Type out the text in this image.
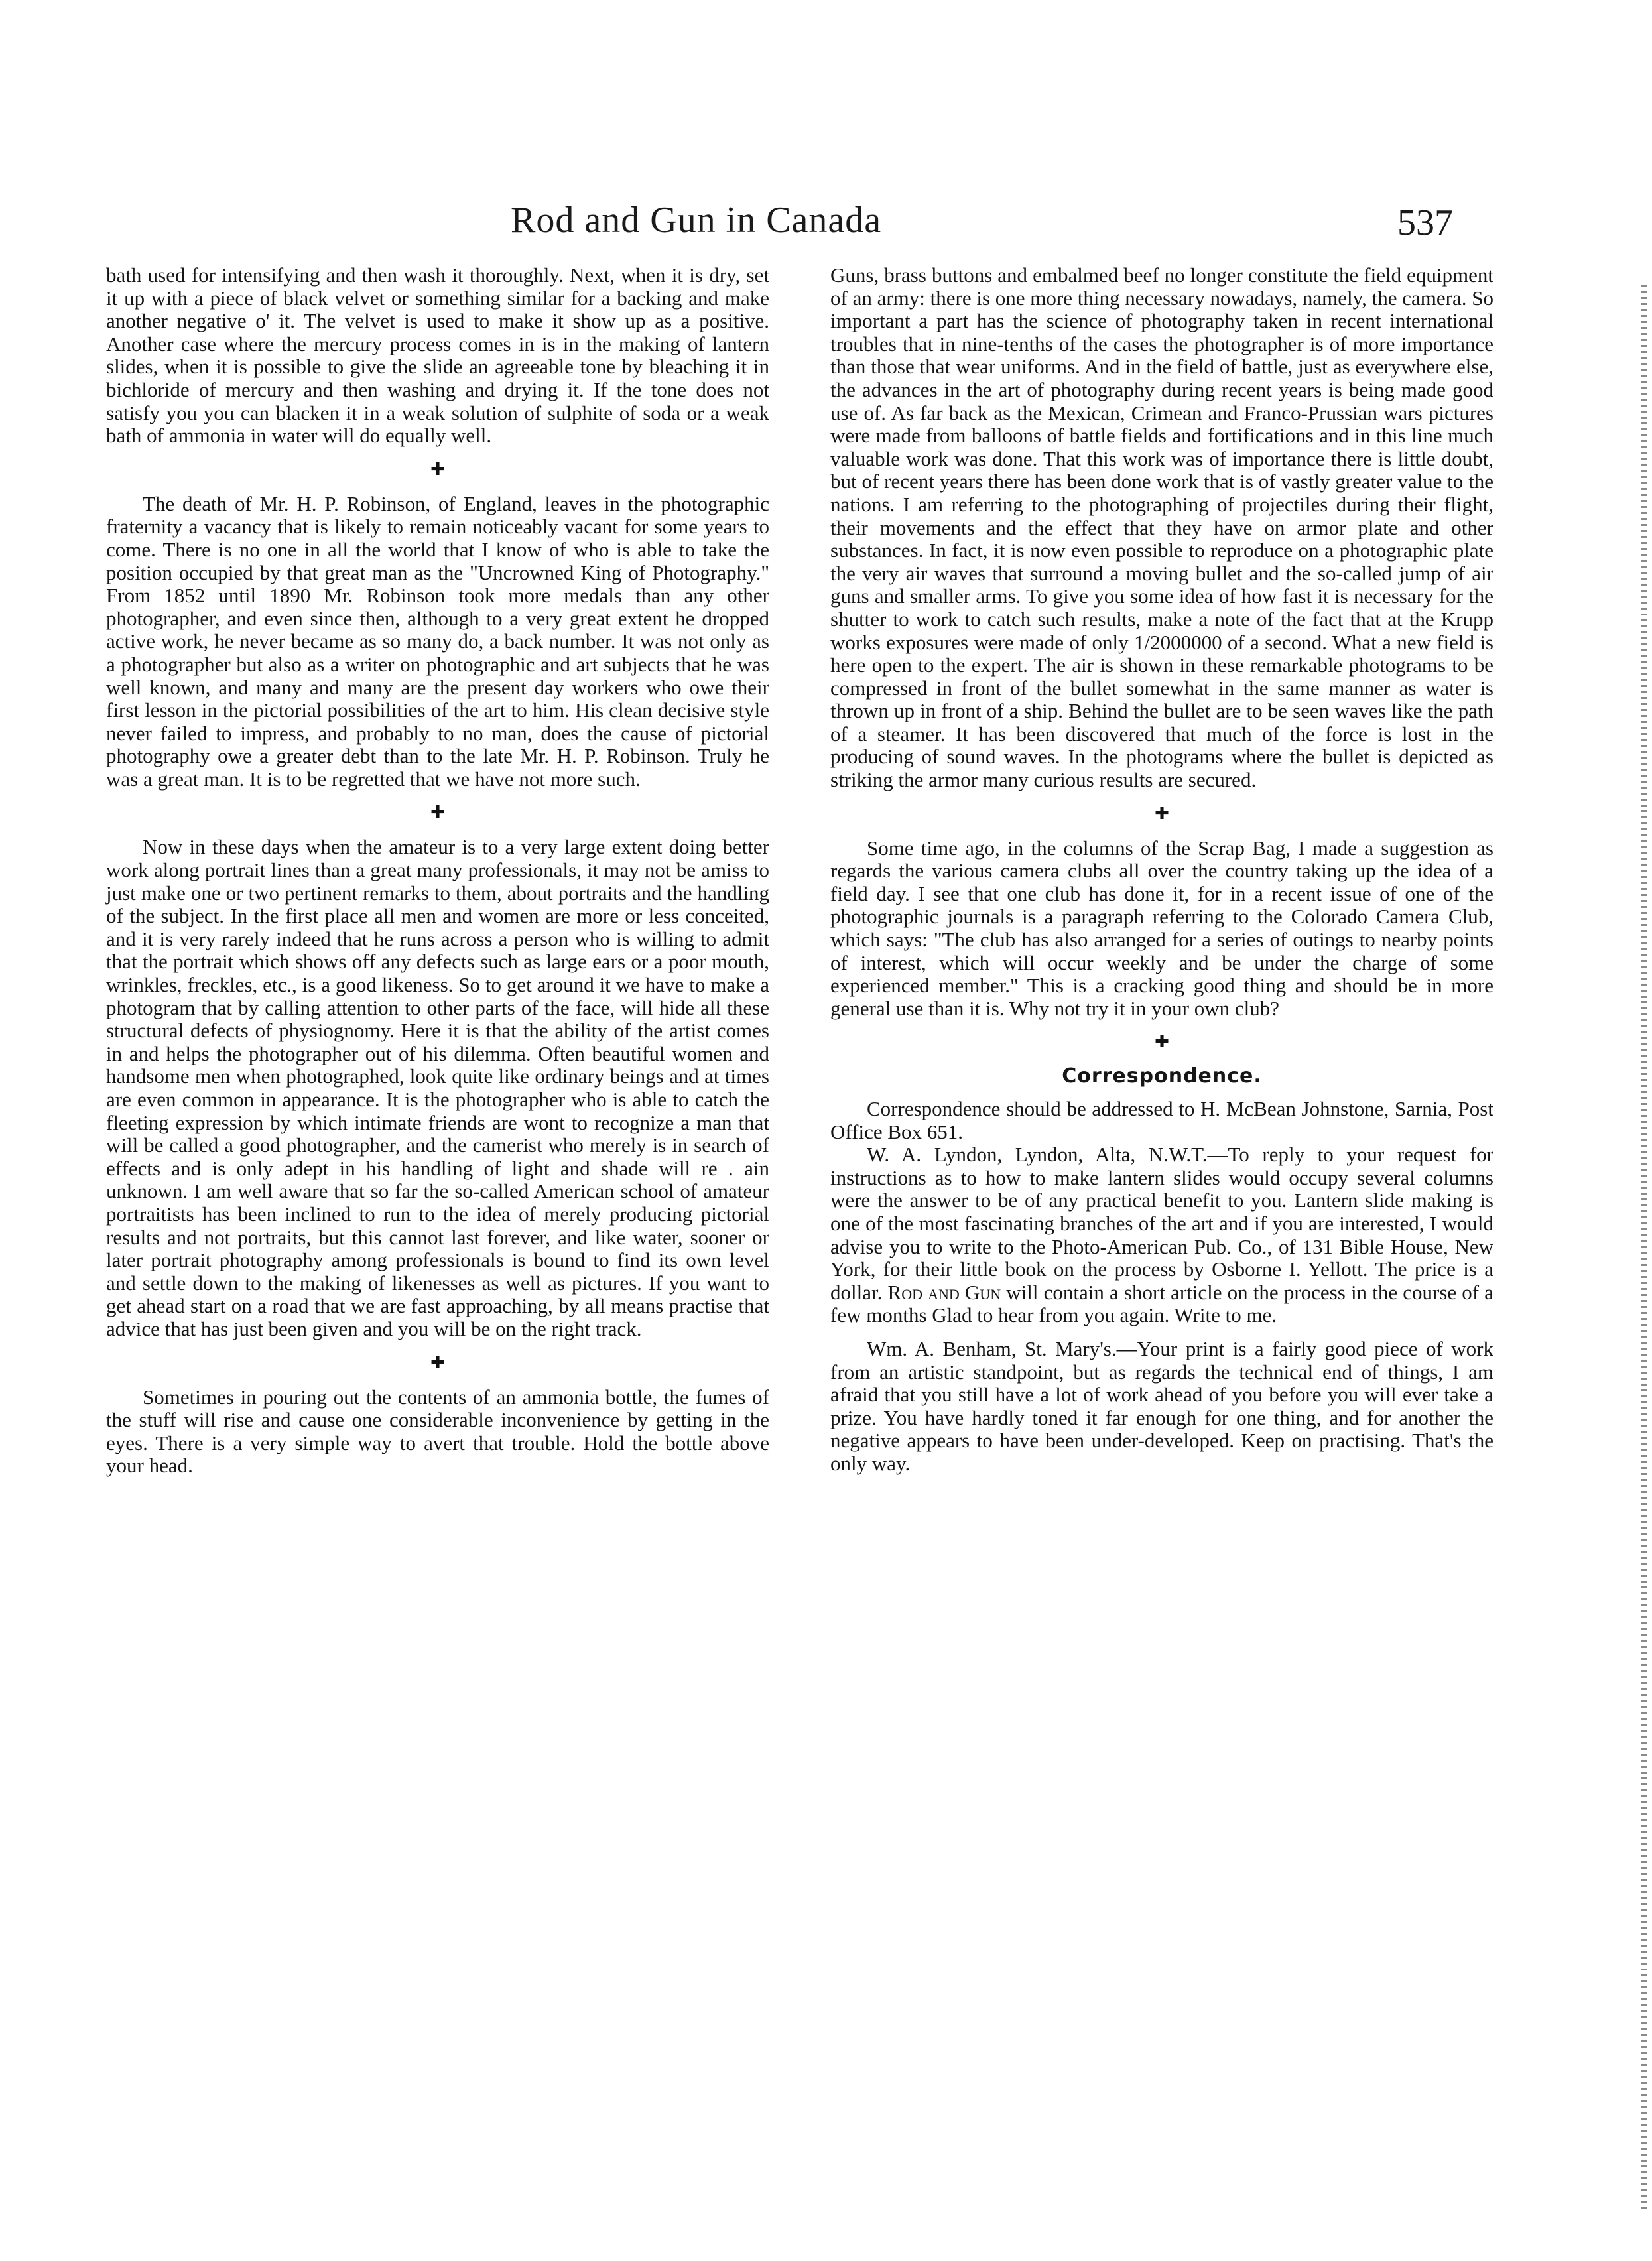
Rod and Gun in Canada	537

bath used for intensifying and then wash it thoroughly. Next, when it is dry, set it up with a piece of black velvet or something similar for a backing and make another negative o' it. The velvet is used to make it show up as a positive. Another case where the mercury process comes in is in the making of lantern slides, when it is possible to give the slide an agreeable tone by bleaching it in bichloride of mercury and then washing and drying it. If the tone does not satisfy you you can blacken it in a weak solution of sulphite of soda or a weak bath of ammonia in water will do equally well.

✚

The death of Mr. H. P. Robinson, of England, leaves in the photographic fraternity a vacancy that is likely to remain noticeably vacant for some years to come. There is no one in all the world that I know of who is able to take the position occupied by that great man as the "Uncrowned King of Photography." From 1852 until 1890 Mr. Robinson took more medals than any other photographer, and even since then, although to a very great extent he dropped active work, he never became as so many do, a back number. It was not only as a photographer but also as a writer on photographic and art subjects that he was well known, and many and many are the present day workers who owe their first lesson in the pictorial possibilities of the art to him. His clean decisive style never failed to impress, and probably to no man, does the cause of pictorial photography owe a greater debt than to the late Mr. H. P. Robinson. Truly he was a great man. It is to be regretted that we have not more such.

✚

Now in these days when the amateur is to a very large extent doing better work along portrait lines than a great many professionals, it may not be amiss to just make one or two pertinent remarks to them, about portraits and the handling of the subject. In the first place all men and women are more or less conceited, and it is very rarely indeed that he runs across a person who is willing to admit that the portrait which shows off any defects such as large ears or a poor mouth, wrinkles, freckles, etc., is a good likeness. So to get around it we have to make a photogram that by calling attention to other parts of the face, will hide all these structural defects of physiognomy. Here it is that the ability of the artist comes in and helps the photographer out of his dilemma. Often beautiful women and handsome men when photographed, look quite like ordinary beings and at times are even common in appearance. It is the photographer who is able to catch the fleeting expression by which intimate friends are wont to recognize a man that will be called a good photographer, and the camerist who merely is in search of effects and is only adept in his handling of light and shade will re . ain unknown. I am well aware that so far the so-called American school of amateur portraitists has been inclined to run to the idea of merely producing pictorial results and not portraits, but this cannot last forever, and like water, sooner or later portrait photography among professionals is bound to find its own level and settle down to the making of likenesses as well as pictures. If you want to get ahead start on a road that we are fast approaching, by all means practise that advice that has just been given and you will be on the right track.

✚

Sometimes in pouring out the contents of an ammonia bottle, the fumes of the stuff will rise and cause one considerable inconvenience by getting in the eyes. There is a very simple way to avert that trouble. Hold the bottle above your head.

Guns, brass buttons and embalmed beef no longer constitute the field equipment of an army: there is one more thing necessary nowadays, namely, the camera. So important a part has the science of photography taken in recent international troubles that in nine-tenths of the cases the photographer is of more importance than those that wear uniforms. And in the field of battle, just as everywhere else, the advances in the art of photography during recent years is being made good use of. As far back as the Mexican, Crimean and Franco-Prussian wars pictures were made from balloons of battle fields and fortifications and in this line much valuable work was done. That this work was of importance there is little doubt, but of recent years there has been done work that is of vastly greater value to the nations. I am referring to the photographing of projectiles during their flight, their movements and the effect that they have on armor plate and other substances. In fact, it is now even possible to reproduce on a photographic plate the very air waves that surround a moving bullet and the so-called jump of air guns and smaller arms. To give you some idea of how fast it is necessary for the shutter to work to catch such results, make a note of the fact that at the Krupp works exposures were made of only 1/2000000 of a second. What a new field is here open to the expert. The air is shown in these remarkable photograms to be compressed in front of the bullet somewhat in the same manner as water is thrown up in front of a ship. Behind the bullet are to be seen waves like the path of a steamer. It has been discovered that much of the force is lost in the producing of sound waves. In the photograms where the bullet is depicted as striking the armor many curious results are secured.

✚

Some time ago, in the columns of the Scrap Bag, I made a suggestion as regards the various camera clubs all over the country taking up the idea of a field day. I see that one club has done it, for in a recent issue of one of the photographic journals is a paragraph referring to the Colorado Camera Club, which says: "The club has also arranged for a series of outings to nearby points of interest, which will occur weekly and be under the charge of some experienced member." This is a cracking good thing and should be in more general use than it is. Why not try it in your own club?

✚
Correspondence.

Correspondence should be addressed to H. McBean Johnstone, Sarnia, Post Office Box 651.

W. A. Lyndon, Lyndon, Alta, N.W.T.—To reply to your request for instructions as to how to make lantern slides would occupy several columns were the answer to be of any practical benefit to you. Lantern slide making is one of the most fascinating branches of the art and if you are interested, I would advise you to write to the Photo-American Pub. Co., of 131 Bible House, New York, for their little book on the process by Osborne I. Yellott. The price is a dollar. Rod and Gun will contain a short article on the process in the course of a few months Glad to hear from you again. Write to me.

Wm. A. Benham, St. Mary's.—Your print is a fairly good piece of work from an artistic standpoint, but as regards the technical end of things, I am afraid that you still have a lot of work ahead of you before you will ever take a prize. You have hardly toned it far enough for one thing, and for another the negative appears to have been under-developed. Keep on practising. That's the only way.
